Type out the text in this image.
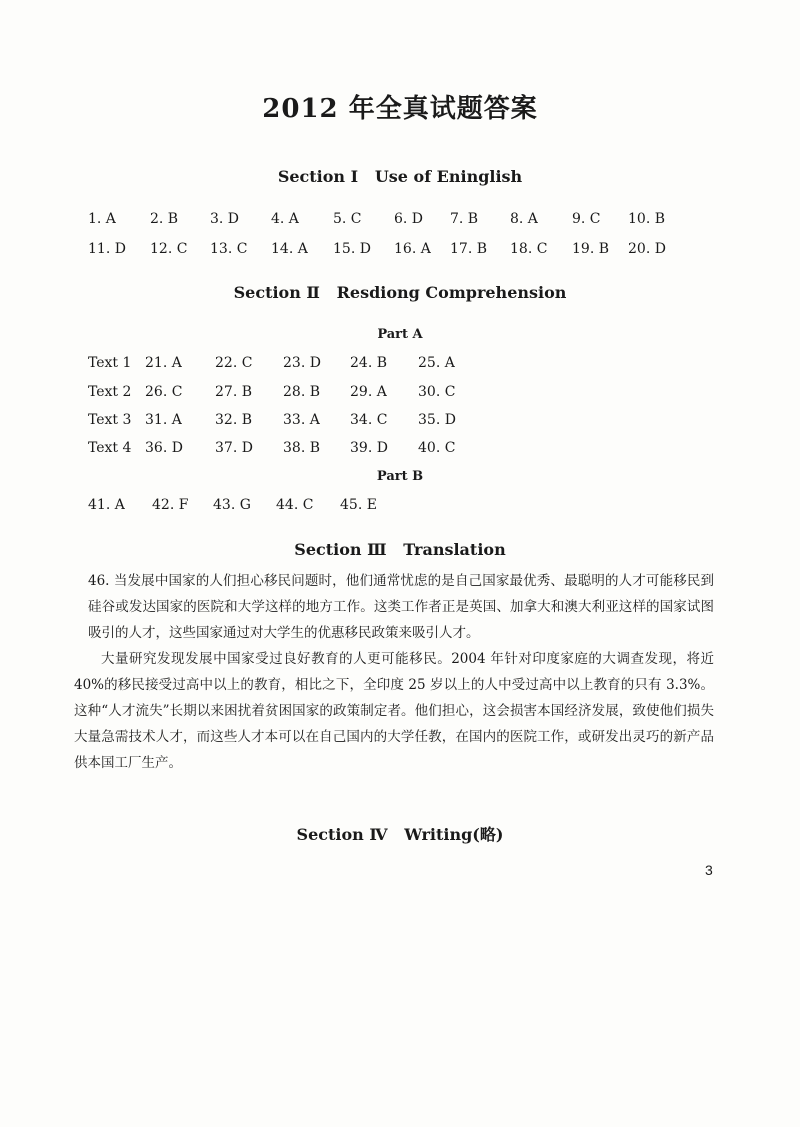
2012 年全真试题答案
Section Ⅰ   Use of Eninglish
1. A 2. B 3. D 4. A 5. C 6. D 7. B 8. A 9. C 10. B
11. D 12. C 13. C 14. A 15. D 16. A 17. B 18. C 19. B 20. D
Section Ⅱ   Resdiong Comprehension
Part A
Text 1 21. A 22. C 23. D 24. B 25. A
Text 2 26. C 27. B 28. B 29. A 30. C
Text 3 31. A 32. B 33. A 34. C 35. D
Text 4 36. D 37. D 38. B 39. D 40. C
Part B
41. A 42. F 43. G 44. C 45. E
Section Ⅲ   Translation

46. 当发展中国家的人们担心移民问题时，他们通常忧虑的是自己国家最优秀、最聪明的人才可能移民到硅谷或发达国家的医院和大学这样的地方工作。这类工作者正是英国、加拿大和澳大利亚这样的国家试图吸引的人才，这些国家通过对大学生的优惠移民政策来吸引人才。

大量研究发现发展中国家受过良好教育的人更可能移民。2004 年针对印度家庭的大调查发现，将近 40%的移民接受过高中以上的教育，相比之下，全印度 25 岁以上的人中受过高中以上教育的只有 3.3%。这种“人才流失”长期以来困扰着贫困国家的政策制定者。他们担心，这会损害本国经济发展，致使他们损失大量急需技术人才，而这些人才本可以在自己国内的大学任教，在国内的医院工作，或研发出灵巧的新产品供本国工厂生产。

Section Ⅳ   Writing(略)
3
